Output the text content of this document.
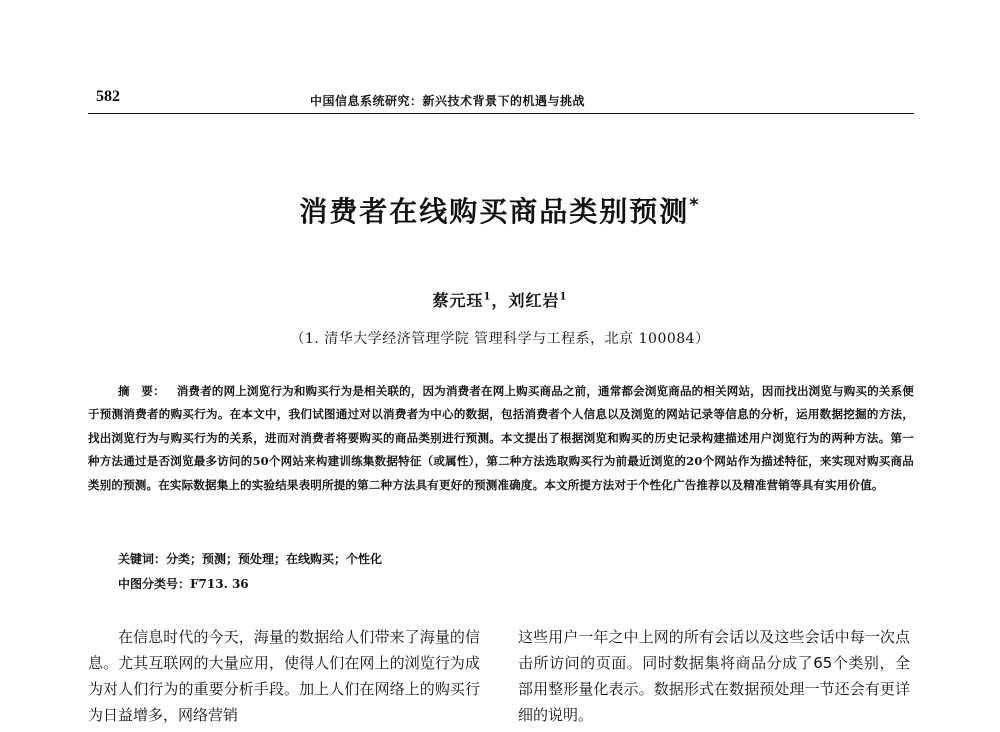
582	中国信息系统研究：新兴技术背景下的机遇与挑战
消费者在线购买商品类别预测*
蔡元珏$^1$，刘红岩$^1$
（1. 清华大学经济管理学院 管理科学与工程系，北京 100084）
摘　要： 消费者的网上浏览行为和购买行为是相关联的，因为消费者在网上购买商品之前，通常都会浏览商品的相关网站，因而找出浏览与购买的关系便于预测消费者的购买行为。在本文中，我们试图通过对以消费者为中心的数据，包括消费者个人信息以及浏览的网站记录等信息的分析，运用数据挖掘的方法，找出浏览行为与购买行为的关系，进而对消费者将要购买的商品类别进行预测。本文提出了根据浏览和购买的历史记录构建描述用户浏览行为的两种方法。第一种方法通过是否浏览最多访问的50个网站来构建训练集数据特征（或属性），第二种方法选取购买行为前最近浏览的20个网站作为描述特征，来实现对购买商品类别的预测。在实际数据集上的实验结果表明所提的第二种方法具有更好的预测准确度。本文所提方法对于个性化广告推荐以及精准营销等具有实用价值。
关键词：分类；预测；预处理；在线购买；个性化
中图分类号：F713. 36

在信息时代的今天，海量的数据给人们带来了海量的信息。尤其互联网的大量应用，使得人们在网上的浏览行为成为对人们行为的重要分析手段。加上人们在网络上的购买行为日益增多，网络营销

这些用户一年之中上网的所有会话以及这些会话中每一次点击所访问的页面。同时数据集将商品分成了65个类别，全部用整形量化表示。数据形式在数据预处理一节还会有更详细的说明。
